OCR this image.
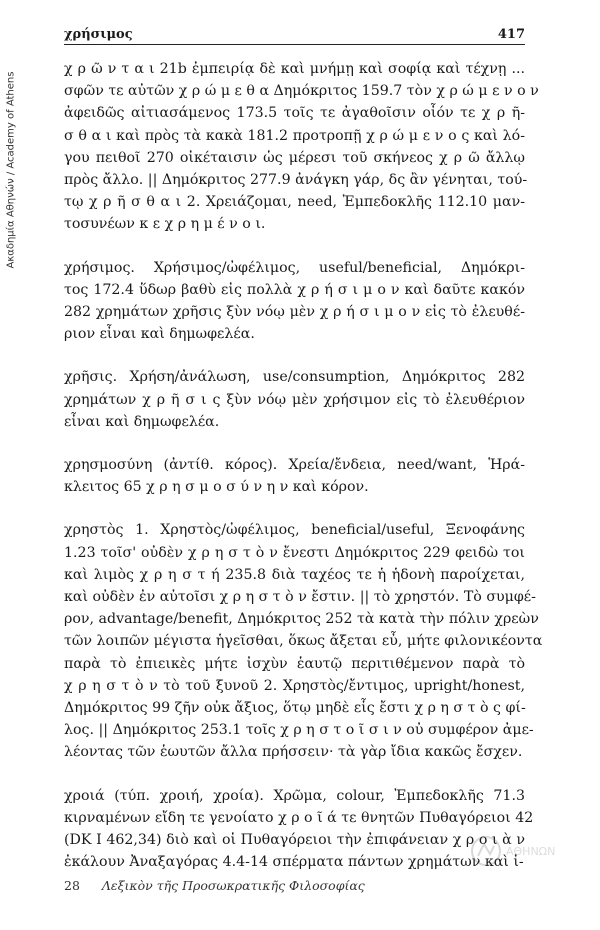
Ακαδημία Αθηνών / Academy of Athens
χρήσιμος	417
χ ρ ῶ ν τ α ι 21b ἐμπειρίᾳ δὲ καὶ μνήμῃ καὶ σοφίᾳ καὶ τέχνῃ ...
σφῶν τε αὐτῶν χ ρ ώ μ ε θ α Δημόκριτος 159.7 τὸν χ ρ ώ μ ε ν ο ν
ἀφειδῶς αἰτιασάμενος 173.5 τοῖς τε ἀγαθοῖσιν οἷόν τε χ ρ ῆ-
σ θ α ι καὶ πρὸς τὰ κακὰ 181.2 προτροπῇ χ ρ ώ μ ε ν ο ς καὶ λό-
γου πειθοῖ 270 οἰκέταισιν ὡς μέρεσι τοῦ σκήνεος χ ρ ῶ ἄλλῳ
πρὸς ἄλλο. || Δημόκριτος 277.9 ἀνάγκη γάρ, δς ἂν γένηται, τού-
τῳ χ ρ ῆ σ θ α ι 2. Χρειάζομαι, need, Ἐμπεδοκλῆς 112.10 μαν-
τοσυνέων κ ε χ ρ η μ έ ν ο ι.
χρήσιμος. Χρήσιμος/ὠφέλιμος, useful/beneficial, Δημόκρι-
τος 172.4 ὕδωρ βαθὺ εἰς πολλὰ χ ρ ή σ ι μ ο ν καὶ δαῦτε κακόν
282 χρημάτων χρῆσις ξὺν νόῳ μὲν χ ρ ή σ ι μ ο ν εἰς τὸ ἐλευθέ-
ριον εἶναι καὶ δημωφελέα.
χρῆσις. Χρήση/ἀνάλωση, use/consumption, Δημόκριτος 282
χρημάτων χ ρ ῆ σ ι ς ξὺν νόῳ μὲν χρήσιμον εἰς τὸ ἐλευθέριον
εἶναι καὶ δημωφελέα.
χρησμοσύνη (ἀντίθ. κόρος). Χρεία/ἔνδεια, need/want, Ἡρά-
κλειτος 65 χ ρ η σ μ ο σ ύ ν η ν καὶ κόρον.
χρηστὸς 1. Χρηστὸς/ὠφέλιμος, beneficial/useful, Ξενοφάνης
1.23 τοῖσ' οὐδὲν χ ρ η σ τ ὸ ν ἔνεστι Δημόκριτος 229 φειδὼ τοι
καὶ λιμὸς χ ρ η σ τ ή 235.8 διὰ ταχέος τε ἡ ἡδονὴ παροίχεται,
καὶ οὐδὲν ἐν αὐτοῖσι χ ρ η σ τ ὸ ν ἔστιν. || τὸ χρηστόν. Τὸ συμφέ-
ρον, advantage/benefit, Δημόκριτος 252 τὰ κατὰ τὴν πόλιν χρεὼν
τῶν λοιπῶν μέγιστα ἡγεῖσθαι, ὅκως ἄξεται εὖ, μήτε φιλονικέοντα
παρὰ τὸ ἐπιεικὲς μήτε ἰσχὺν ἑαυτῷ περιτιθέμενον παρὰ τὸ
χ ρ η σ τ ὸ ν τὸ τοῦ ξυνοῦ 2. Χρηστὸς/ἔντιμος, upright/honest,
Δημόκριτος 99 ζῆν οὐκ ἄξιος, ὅτῳ μηδὲ εἷς ἔστι χ ρ η σ τ ὸ ς φί-
λος. || Δημόκριτος 253.1 τοῖς χ ρ η σ τ ο ῖ σ ι ν οὐ συμφέρον ἀμε-
λέοντας τῶν ἑωυτῶν ἄλλα πρήσσειν· τὰ γὰρ ἴδια κακῶς ἔσχεν.
χροιά (τύπ. χροιή, χροία). Χρῶμα, colour, Ἐμπεδοκλῆς 71.3
κιρναμένων εἴδη τε γενοίατο χ ρ ο ῖ ά τε θνητῶν Πυθαγόρειοι 42
(DK I 462,34) διὸ καὶ οἱ Πυθαγόρειοι τὴν ἐπιφάνειαν χ ρ ο ι ὰ ν
ἐκάλουν Ἀναξαγόρας 4.4-14 σπέρματα πάντων χρημάτων καὶ ἰ-
ΑΘΗΝΩΝ
28 Λεξικὸν τῆς Προσωκρατικῆς Φιλοσοφίας
